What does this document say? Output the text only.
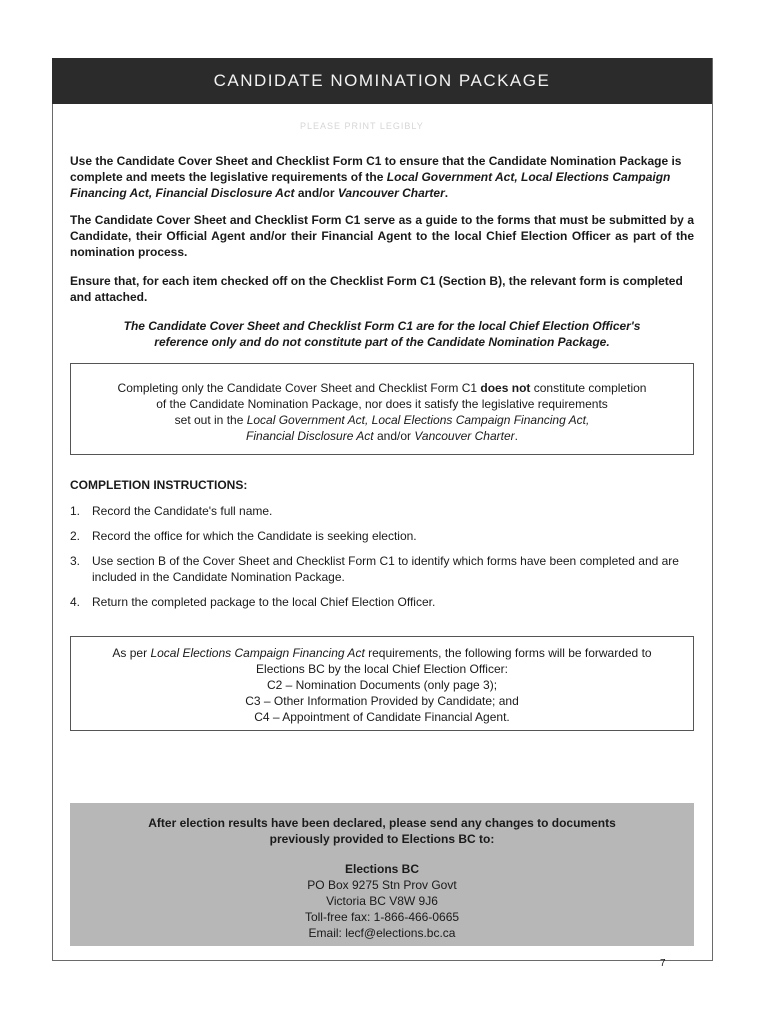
CANDIDATE NOMINATION PACKAGE
PLEASE PRINT LEGIBLY

Use the Candidate Cover Sheet and Checklist Form C1 to ensure that the Candidate Nomination Package is complete and meets the legislative requirements of the Local Government Act, Local Elections Campaign Financing Act, Financial Disclosure Act and/or Vancouver Charter.

The Candidate Cover Sheet and Checklist Form C1 serve as a guide to the forms that must be submitted by a Candidate, their Official Agent and/or their Financial Agent to the local Chief Election Officer as part of the nomination process.

Ensure that, for each item checked off on the Checklist Form C1 (Section B), the relevant form is completed and attached.

The Candidate Cover Sheet and Checklist Form C1 are for the local Chief Election Officer's
reference only and do not constitute part of the Candidate Nomination Package.

Completing only the Candidate Cover Sheet and Checklist Form C1 does not constitute completion

of the Candidate Nomination Package, nor does it satisfy the legislative requirements

set out in the Local Government Act, Local Elections Campaign Financing Act,

Financial Disclosure Act and/or Vancouver Charter.

COMPLETION INSTRUCTIONS:

1. Record the Candidate's full name.
2. Record the office for which the Candidate is seeking election.
3. Use section B of the Cover Sheet and Checklist Form C1 to identify which forms have been completed and are included in the Candidate Nomination Package.
4. Return the completed package to the local Chief Election Officer.

As per Local Elections Campaign Financing Act requirements, the following forms will be forwarded to

Elections BC by the local Chief Election Officer:

C2 – Nomination Documents (only page 3);

C3 – Other Information Provided by Candidate; and

C4 – Appointment of Candidate Financial Agent.

After election results have been declared, please send any changes to documents

previously provided to Elections BC to:

Elections BC

PO Box 9275 Stn Prov Govt

Victoria BC V8W 9J6

Toll-free fax: 1-866-466-0665

Email: lecf@elections.bc.ca

7
